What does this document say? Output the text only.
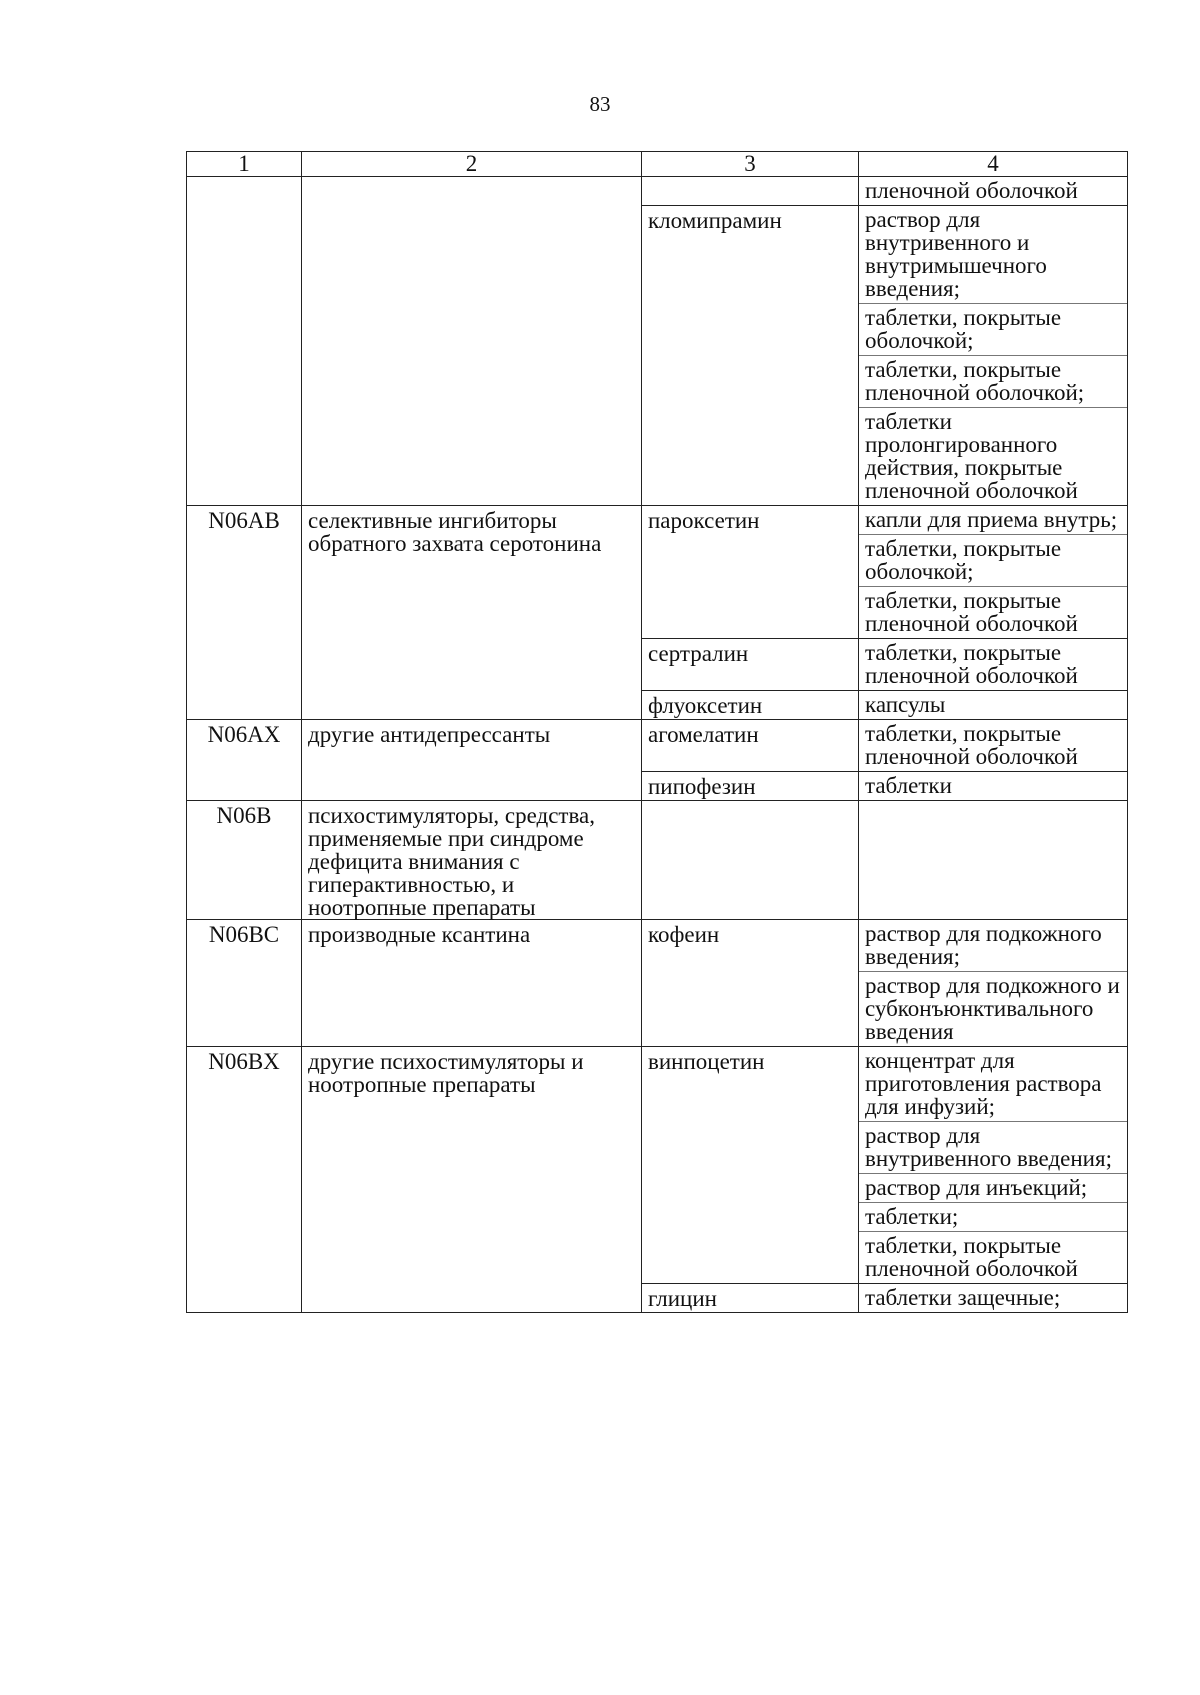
83
1	2	3	4

			пленочной оболочкой

		кломипрамин	раствор для внутривенного и внутримышечного введения;
таблетки, покрытые оболочкой;
таблетки, покрытые пленочной оболочкой;
таблетки пролонгированного действия, покрытые пленочной оболочкой

N06AB	селективные ингибиторы обратного захвата серотонина	пароксетин	капли для приема внутрь;
таблетки, покрытые оболочкой;
таблетки, покрытые пленочной оболочкой

		сертралин	таблетки, покрытые пленочной оболочкой

		флуоксетин	капсулы

N06AX	другие антидепрессанты	агомелатин	таблетки, покрытые пленочной оболочкой

		пипофезин	таблетки

N06B	психостимуляторы, средства, применяемые при синдроме дефицита внимания с гиперактивностью, и ноотропные препараты		
N06BC	производные ксантина	кофеин	раствор для подкожного введения;
раствор для подкожного и субконъюнктивального введения

N06BX	другие психостимуляторы и ноотропные препараты	винпоцетин	концентрат для приготовления раствора для инфузий;
раствор для внутривенного введения;
раствор для инъекций;
таблетки;
таблетки, покрытые пленочной оболочкой

		глицин	таблетки защечные;
